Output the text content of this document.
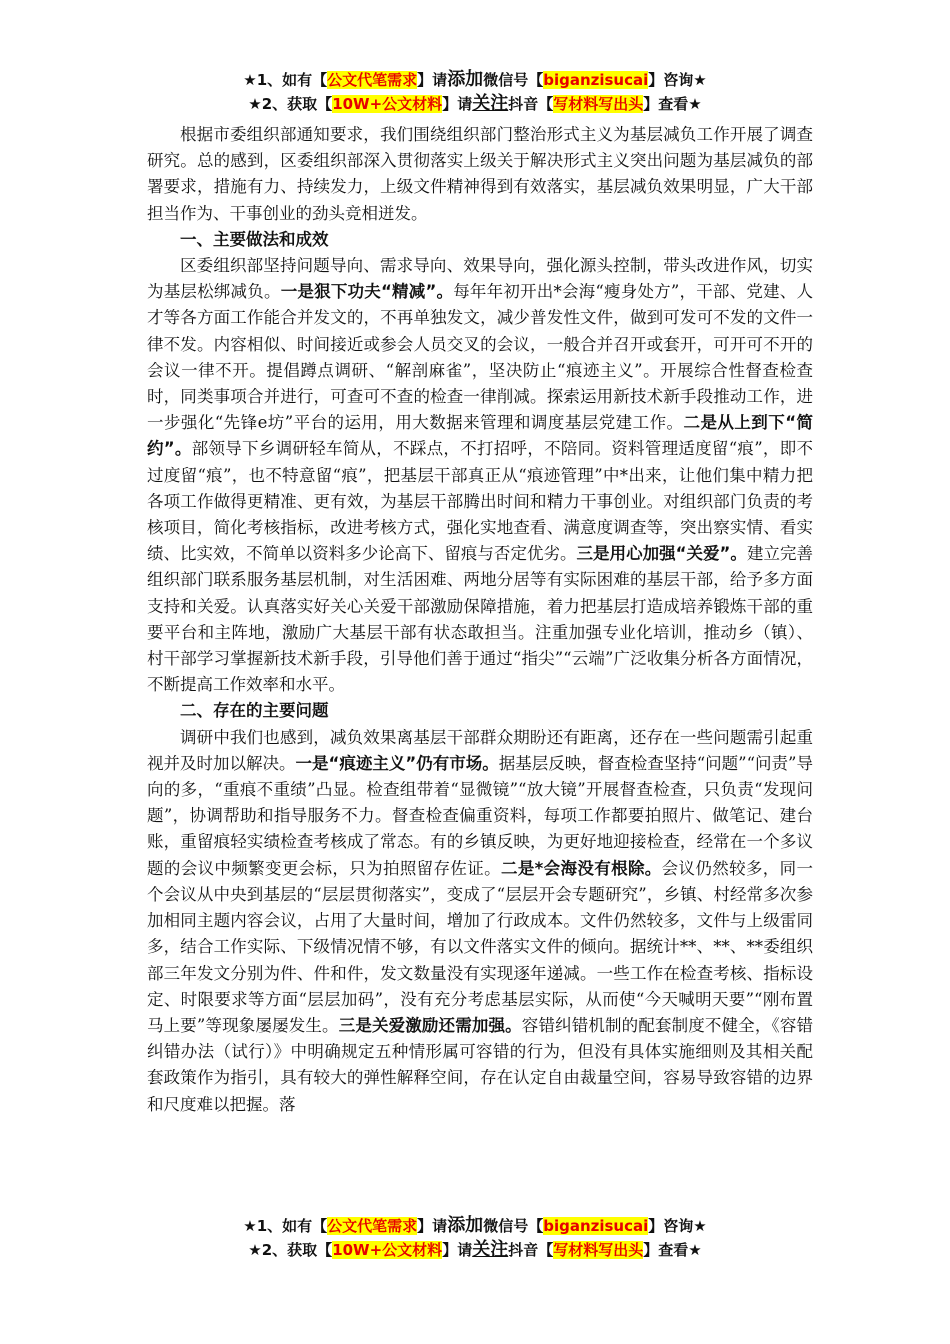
★1、如有【公文代笔需求】请添加微信号【biganzisucai】咨询★
★2、获取【10W+公文材料】请关注抖音【写材料写出头】查看★

根据市委组织部通知要求，我们围绕组织部门整治形式主义为基层减负工作开展了调查研究。总的感到，区委组织部深入贯彻落实上级关于解决形式主义突出问题为基层减负的部署要求，措施有力、持续发力，上级文件精神得到有效落实，基层减负效果明显，广大干部担当作为、干事创业的劲头竞相迸发。

一、主要做法和成效

区委组织部坚持问题导向、需求导向、效果导向，强化源头控制，带头改进作风，切实为基层松绑减负。一是狠下功夫“精减”。每年年初开出*会海“瘦身处方”，干部、党建、人才等各方面工作能合并发文的，不再单独发文，减少普发性文件，做到可发可不发的文件一律不发。内容相似、时间接近或参会人员交叉的会议，一般合并召开或套开，可开可不开的会议一律不开。提倡蹲点调研、“解剖麻雀”，坚决防止“痕迹主义”。开展综合性督查检查时，同类事项合并进行，可查可不查的检查一律削减。探索运用新技术新手段推动工作，进一步强化“先锋e坊”平台的运用，用大数据来管理和调度基层党建工作。二是从上到下“简约”。部领导下乡调研轻车简从，不踩点，不打招呼，不陪同。资料管理适度留“痕”，即不过度留“痕”，也不特意留“痕”，把基层干部真正从“痕迹管理”中*出来，让他们集中精力把各项工作做得更精准、更有效，为基层干部腾出时间和精力干事创业。对组织部门负责的考核项目，简化考核指标，改进考核方式，强化实地查看、满意度调查等，突出察实情、看实绩、比实效，不简单以资料多少论高下、留痕与否定优劣。三是用心加强“关爱”。建立完善组织部门联系服务基层机制，对生活困难、两地分居等有实际困难的基层干部，给予多方面支持和关爱。认真落实好关心关爱干部激励保障措施，着力把基层打造成培养锻炼干部的重要平台和主阵地，激励广大基层干部有状态敢担当。注重加强专业化培训，推动乡（镇）、村干部学习掌握新技术新手段，引导他们善于通过“指尖”“云端”广泛收集分析各方面情况，不断提高工作效率和水平。

二、存在的主要问题

调研中我们也感到，减负效果离基层干部群众期盼还有距离，还存在一些问题需引起重视并及时加以解决。一是“痕迹主义”仍有市场。据基层反映，督查检查坚持“问题”“问责”导向的多，“重痕不重绩”凸显。检查组带着“显微镜”“放大镜”开展督查检查，只负责“发现问题”，协调帮助和指导服务不力。督查检查偏重资料，每项工作都要拍照片、做笔记、建台账，重留痕轻实绩检查考核成了常态。有的乡镇反映，为更好地迎接检查，经常在一个多议题的会议中频繁变更会标，只为拍照留存佐证。二是*会海没有根除。会议仍然较多，同一个会议从中央到基层的“层层贯彻落实”，变成了“层层开会专题研究”，乡镇、村经常多次参加相同主题内容会议，占用了大量时间，增加了行政成本。文件仍然较多，文件与上级雷同多，结合工作实际、下级情况情不够，有以文件落实文件的倾向。据统计**、**、**委组织部三年发文分别为件、件和件，发文数量没有实现逐年递减。一些工作在检查考核、指标设定、时限要求等方面“层层加码”，没有充分考虑基层实际，从而使“今天喊明天要”“刚布置马上要”等现象屡屡发生。三是关爱激励还需加强。容错纠错机制的配套制度不健全，《容错纠错办法（试行）》中明确规定五种情形属可容错的行为，但没有具体实施细则及其相关配套政策作为指引，具有较大的弹性解释空间，存在认定自由裁量空间，容易导致容错的边界和尺度难以把握。落

★1、如有【公文代笔需求】请添加微信号【biganzisucai】咨询★
★2、获取【10W+公文材料】请关注抖音【写材料写出头】查看★
